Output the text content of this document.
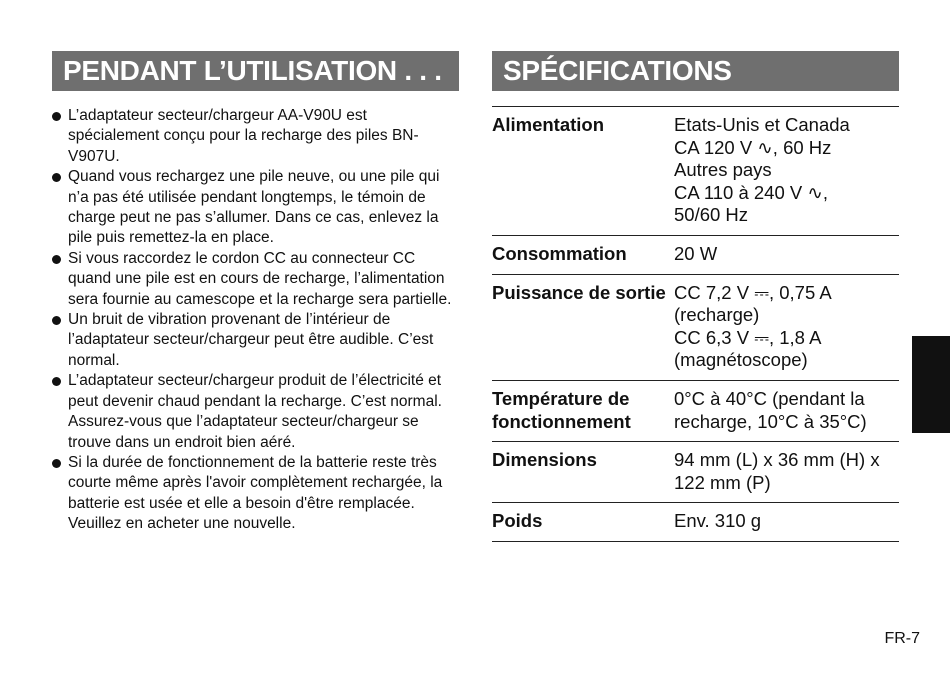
PENDANT L’UTILISATION . . .
L’adaptateur secteur/chargeur AA-V90U est spécialement conçu pour la recharge des piles BN-V907U.
Quand vous rechargez une pile neuve, ou une pile qui n’a pas été utilisée pendant longtemps, le témoin de charge peut ne pas s’allumer. Dans ce cas, enlevez la pile puis remettez-la en place.
Si vous raccordez le cordon CC au connecteur CC quand une pile est en cours de recharge, l’alimentation sera fournie au camescope et la recharge sera partielle.
Un bruit de vibration provenant de l’intérieur de l’adaptateur secteur/chargeur peut être audible. C’est normal.
L’adaptateur secteur/chargeur produit de l’électricité et peut devenir chaud pendant la recharge. C’est normal. Assurez-vous que l’adaptateur secteur/chargeur se trouve dans un endroit bien aéré.
Si la durée de fonctionnement de la batterie reste très courte même après l'avoir complètement rechargée, la batterie est usée et elle a besoin d'être remplacée. Veuillez en acheter une nouvelle.
SPÉCIFICATIONS
Alimentation	Etats-Unis et Canada
CA 120 V ∿, 60 Hz
Autres pays
CA 110 à 240 V ∿,
50/60 Hz

Consommation	20 W

Puissance de sortie	CC 7,2 V ⎓, 0,75 A
(recharge)
CC 6,3 V ⎓, 1,8 A
(magnétoscope)

Température de fonctionnement	0°C à 40°C (pendant la
recharge, 10°C à 35°C)

Dimensions	94 mm (L) x 36 mm (H) x
122 mm (P)

Poids	Env. 310 g
FR-7
